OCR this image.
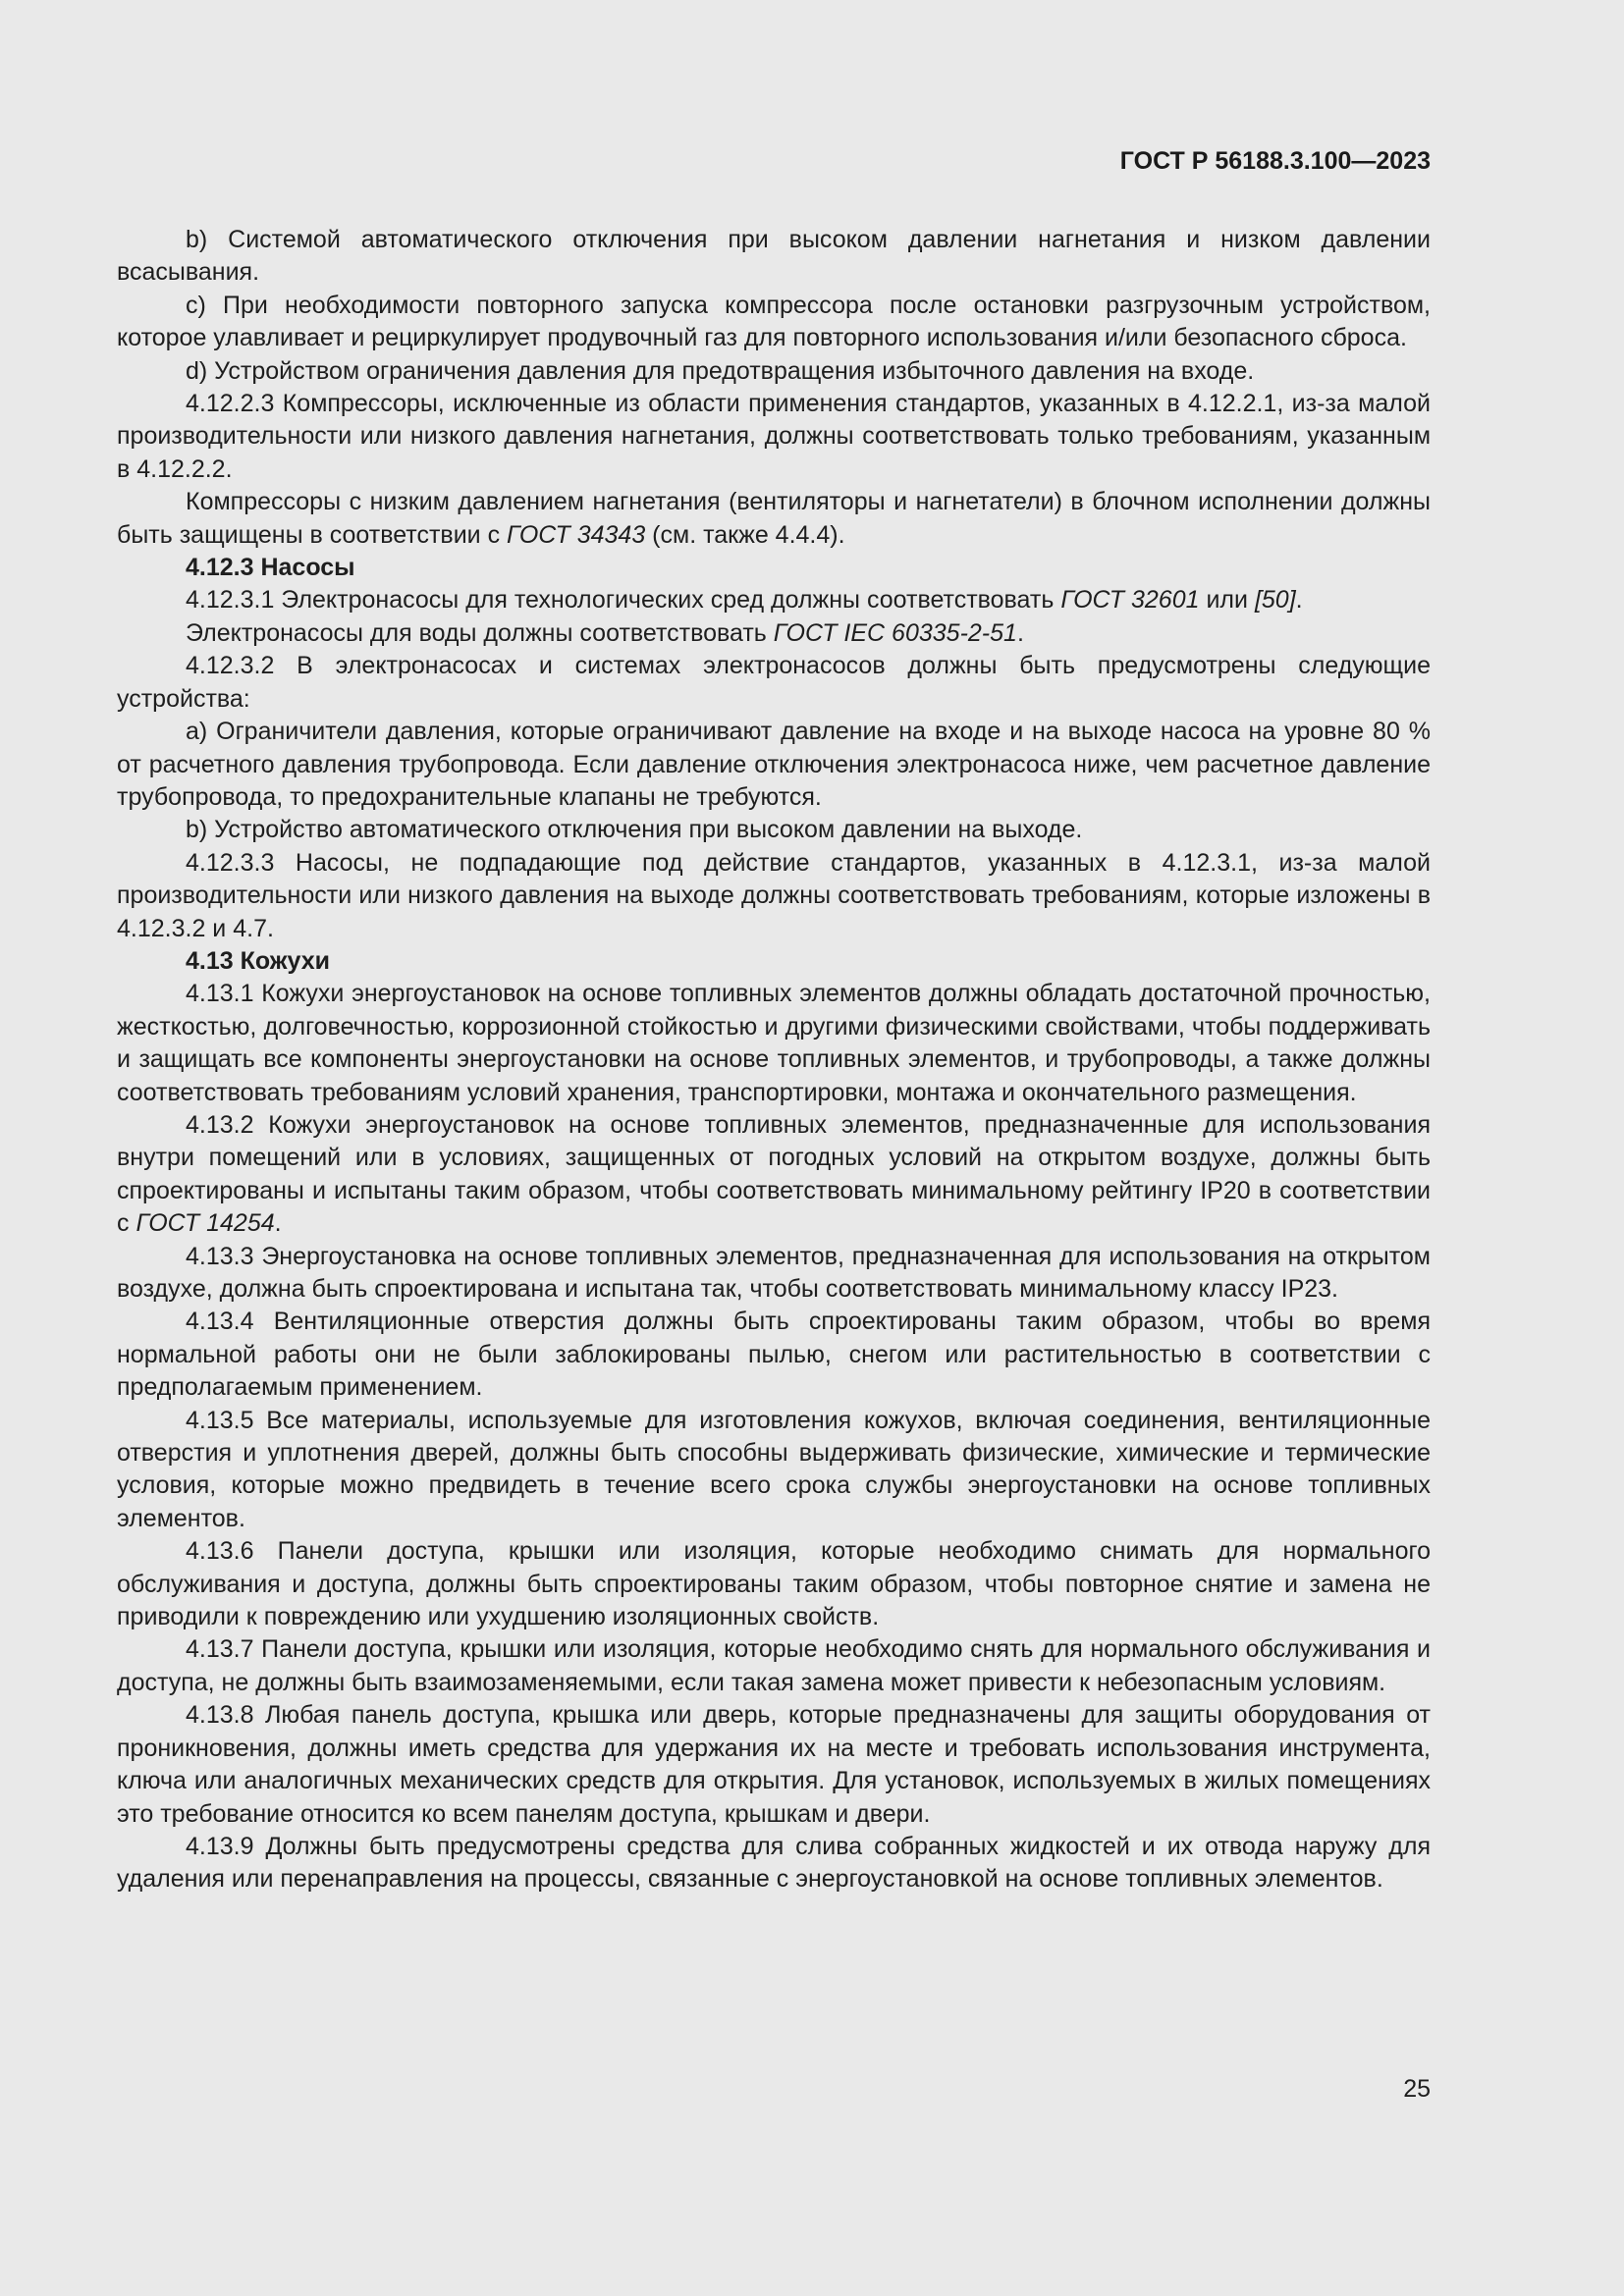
ГОСТ Р 56188.3.100—2023

b) Системой автоматического отключения при высоком давлении нагнетания и низком давлении всасывания.

c) При необходимости повторного запуска компрессора после остановки разгрузочным устройством, которое улавливает и рециркулирует продувочный газ для повторного использования и/или безопасного сброса.

d) Устройством ограничения давления для предотвращения избыточного давления на входе.

4.12.2.3 Компрессоры, исключенные из области применения стандартов, указанных в 4.12.2.1, из-за малой производительности или низкого давления нагнетания, должны соответствовать только требованиям, указанным в 4.12.2.2.

Компрессоры с низким давлением нагнетания (вентиляторы и нагнетатели) в блочном исполнении должны быть защищены в соответствии с ГОСТ 34343 (см. также 4.4.4).

4.12.3 Насосы

4.12.3.1 Электронасосы для технологических сред должны соответствовать ГОСТ 32601 или [50].

Электронасосы для воды должны соответствовать ГОСТ IEC 60335-2-51.

4.12.3.2 В электронасосах и системах электронасосов должны быть предусмотрены следующие устройства:

a) Ограничители давления, которые ограничивают давление на входе и на выходе насоса на уровне 80 % от расчетного давления трубопровода. Если давление отключения электронасоса ниже, чем расчетное давление трубопровода, то предохранительные клапаны не требуются.

b) Устройство автоматического отключения при высоком давлении на выходе.

4.12.3.3 Насосы, не подпадающие под действие стандартов, указанных в 4.12.3.1, из-за малой производительности или низкого давления на выходе должны соответствовать требованиям, которые изложены в 4.12.3.2 и 4.7.

4.13 Кожухи

4.13.1 Кожухи энергоустановок на основе топливных элементов должны обладать достаточной прочностью, жесткостью, долговечностью, коррозионной стойкостью и другими физическими свойствами, чтобы поддерживать и защищать все компоненты энергоустановки на основе топливных элементов, и трубопроводы, а также должны соответствовать требованиям условий хранения, транспортировки, монтажа и окончательного размещения.

4.13.2 Кожухи энергоустановок на основе топливных элементов, предназначенные для использования внутри помещений или в условиях, защищенных от погодных условий на открытом воздухе, должны быть спроектированы и испытаны таким образом, чтобы соответствовать минимальному рейтингу IP20 в соответствии с ГОСТ 14254.

4.13.3 Энергоустановка на основе топливных элементов, предназначенная для использования на открытом воздухе, должна быть спроектирована и испытана так, чтобы соответствовать минимальному классу IP23.

4.13.4 Вентиляционные отверстия должны быть спроектированы таким образом, чтобы во время нормальной работы они не были заблокированы пылью, снегом или растительностью в соответствии с предполагаемым применением.

4.13.5 Все материалы, используемые для изготовления кожухов, включая соединения, вентиляционные отверстия и уплотнения дверей, должны быть способны выдерживать физические, химические и термические условия, которые можно предвидеть в течение всего срока службы энергоустановки на основе топливных элементов.

4.13.6 Панели доступа, крышки или изоляция, которые необходимо снимать для нормального обслуживания и доступа, должны быть спроектированы таким образом, чтобы повторное снятие и замена не приводили к повреждению или ухудшению изоляционных свойств.

4.13.7 Панели доступа, крышки или изоляция, которые необходимо снять для нормального обслуживания и доступа, не должны быть взаимозаменяемыми, если такая замена может привести к небезопасным условиям.

4.13.8 Любая панель доступа, крышка или дверь, которые предназначены для защиты оборудования от проникновения, должны иметь средства для удержания их на месте и требовать использования инструмента, ключа или аналогичных механических средств для открытия. Для установок, используемых в жилых помещениях это требование относится ко всем панелям доступа, крышкам и двери.

4.13.9 Должны быть предусмотрены средства для слива собранных жидкостей и их отвода наружу для удаления или перенаправления на процессы, связанные с энергоустановкой на основе топливных элементов.

25
